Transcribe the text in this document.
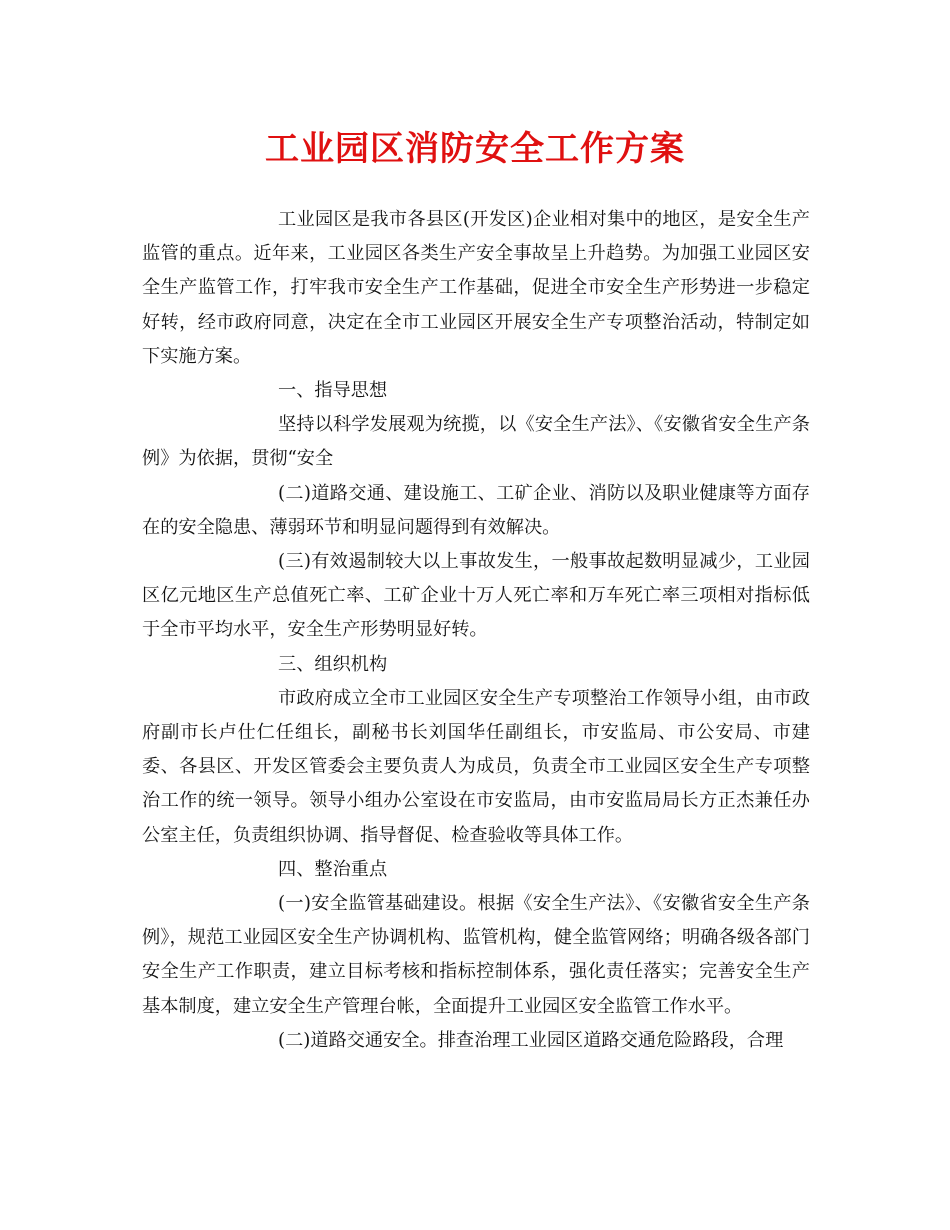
工业园区消防安全工作方案

工业园区是我市各县区(开发区)企业相对集中的地区，是安全生产监管的重点。近年来，工业园区各类生产安全事故呈上升趋势。为加强工业园区安全生产监管工作，打牢我市安全生产工作基础，促进全市安全生产形势进一步稳定好转，经市政府同意，决定在全市工业园区开展安全生产专项整治活动，特制定如下实施方案。

一、指导思想

坚持以科学发展观为统揽，以《安全生产法》、《安徽省安全生产条例》为依据，贯彻“安全

(二)道路交通、建设施工、工矿企业、消防以及职业健康等方面存在的安全隐患、薄弱环节和明显问题得到有效解决。

(三)有效遏制较大以上事故发生，一般事故起数明显减少，工业园区亿元地区生产总值死亡率、工矿企业十万人死亡率和万车死亡率三项相对指标低于全市平均水平，安全生产形势明显好转。

三、组织机构

市政府成立全市工业园区安全生产专项整治工作领导小组，由市政府副市长卢仕仁任组长，副秘书长刘国华任副组长，市安监局、市公安局、市建委、各县区、开发区管委会主要负责人为成员，负责全市工业园区安全生产专项整治工作的统一领导。领导小组办公室设在市安监局，由市安监局局长方正杰兼任办公室主任，负责组织协调、指导督促、检查验收等具体工作。

四、整治重点

(一)安全监管基础建设。根据《安全生产法》、《安徽省安全生产条例》，规范工业园区安全生产协调机构、监管机构，健全监管网络；明确各级各部门安全生产工作职责，建立目标考核和指标控制体系，强化责任落实；完善安全生产基本制度，建立安全生产管理台帐，全面提升工业园区安全监管工作水平。

(二)道路交通安全。排查治理工业园区道路交通危险路段，合理
